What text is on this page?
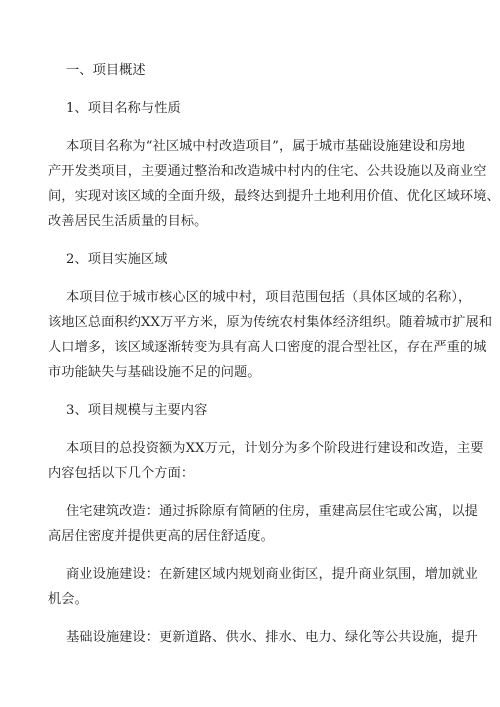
一、项目概述

1、项目名称与性质

本项目名称为“社区城中村改造项目”，属于城市基础设施建设和房地

产开发类项目，主要通过整治和改造城中村内的住宅、公共设施以及商业空

间，实现对该区域的全面升级，最终达到提升土地利用价值、优化区域环境、

改善居民生活质量的目标。

2、项目实施区域

本项目位于城市核心区的城中村，项目范围包括（具体区域的名称），

该地区总面积约XX万平方米，原为传统农村集体经济组织。随着城市扩展和

人口增多，该区域逐渐转变为具有高人口密度的混合型社区，存在严重的城

市功能缺失与基础设施不足的问题。

3、项目规模与主要内容

本项目的总投资额为XX万元，计划分为多个阶段进行建设和改造，主要

内容包括以下几个方面：

住宅建筑改造：通过拆除原有简陋的住房，重建高层住宅或公寓，以提

高居住密度并提供更高的居住舒适度。

商业设施建设：在新建区域内规划商业街区，提升商业氛围，增加就业

机会。

基础设施建设：更新道路、供水、排水、电力、绿化等公共设施，提升
